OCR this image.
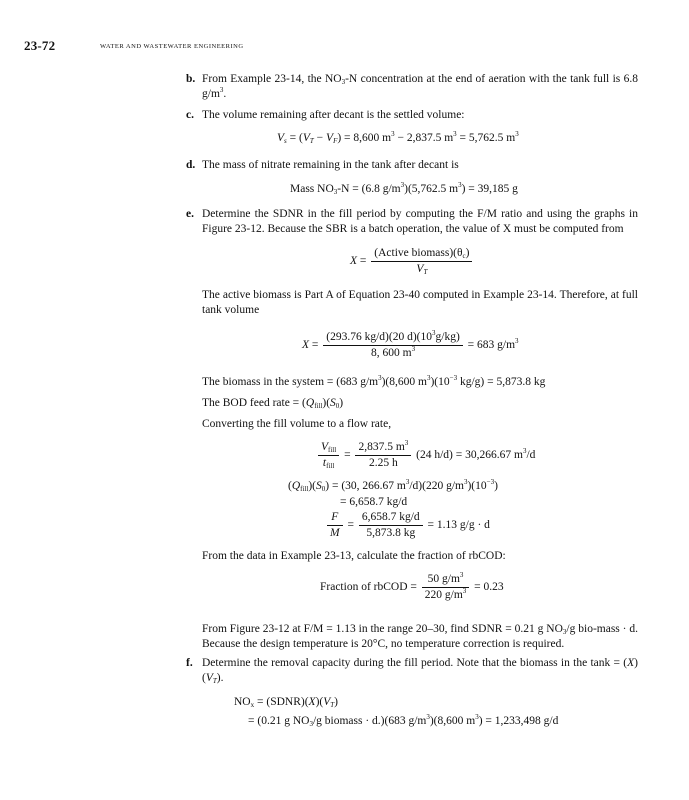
23-72	WATER AND WASTEWATER ENGINEERING
b. From Example 23-14, the $NO_3-N$ concentration at the end of aeration with the tank full is 6.8 $g/m^3$.
c. The volume remaining after decant is the settled volume:
$V_s = (V_T - V_F) = 8,600$ $m^3 - 2,837.5$ $m^3 = 5,762.5$ $m^3$
d. The mass of nitrate remaining in the tank after decant is
Mass $NO_3-N = (6.8$ $g/m^3)(5,762.5$ $m^3) = 39,185$ g
e. Determine the SDNR in the fill period by computing the F/M ratio and using the graphs in Figure 23-12. Because the SBR is a batch operation, the value of X must be computed from
$X = \frac{(Active biomass)(\theta_c)}{V_T}$
The active biomass is Part A of Equation 23-40 computed in Example 23-14. Therefore, at full tank volume
$X = \frac{(293.76 kg/d)(20 d)(10^3g/kg)}{8, 600 m^3} = 683$ $g/m^3$
The biomass in the system = (683 $g/m^3)(8,600$ $m^3)(10^{-3}$ kg/g) = 5,873.8 kg
The BOD feed rate = $(Q_{fill})(S_0)$
Converting the fill volume to a flow rate,
$\frac{V_{fill}}{t_{fill}} = \frac{2,837.5 m^3}{2.25 h} (24$ h/d) = 30,266.67 $m^3/d$
$(Q_{fill})(S_0) = (30$, 266.67 $m^3/d)(220$ $g/m^3)(10^{-3})$
= 6,658.7 kg/d
$\frac{F}{M} = \frac{6,658.7 kg/d}{5,873.8 kg} = 1.13$ g/g · d
From the data in Example 23-13, calculate the fraction of rbCOD:
Fraction of rbCOD = $\frac{50 g/m^3}{220 g/m^3} = 0.23$
From Figure 23-12 at F/M = 1.13 in the range 20–30, find SDNR = 0.21 g $NO_3/g$ bio-mass · d. Because the design temperature is 20°C, no temperature correction is required.
f. Determine the removal capacity during the fill period. Note that the biomass in the $\tan k = (X)(V_T)$.
$NO_x$ = $(SDNR)(X)(V_T)$
= (0.21 g $NO_3/g$ biomass · d.)(683 $g/m^3)(8,600$ $m^3) = 1,233,498$ g/d
